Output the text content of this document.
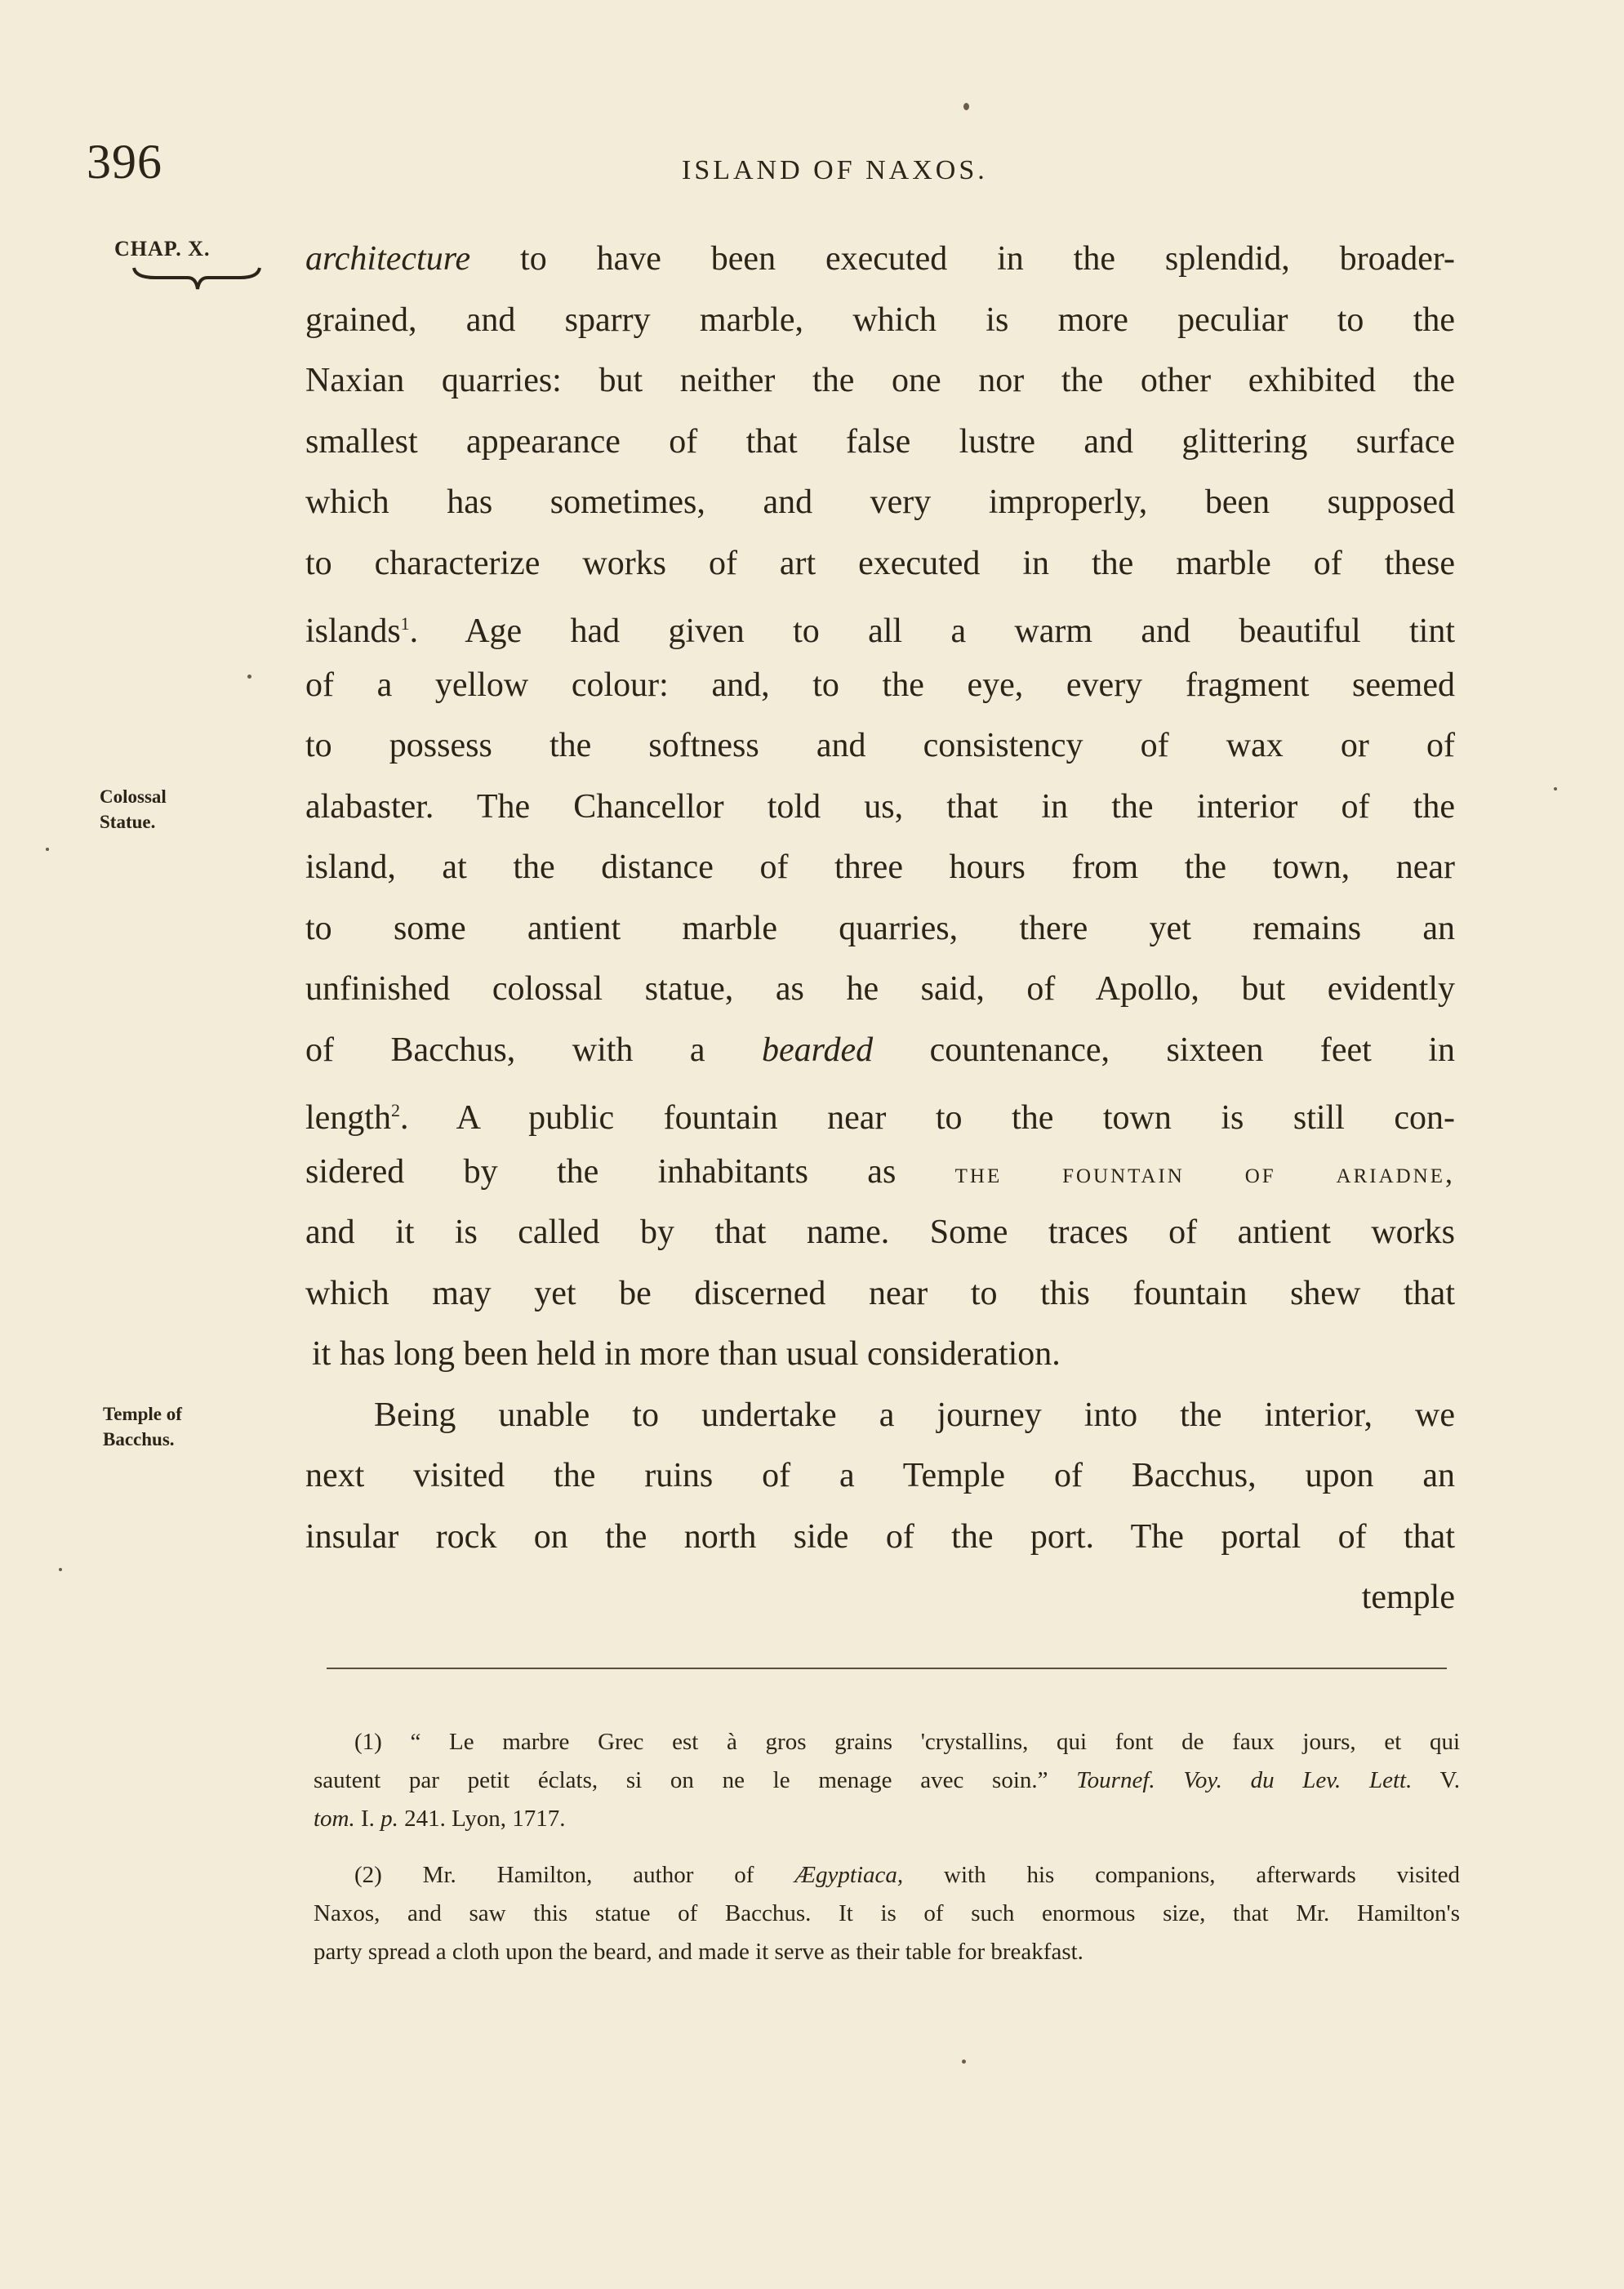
396	ISLAND OF NAXOS.
CHAP. X.
Colossal
Statue.
Temple of
Bacchus.
architecture to have been executed in the splendid, broader-
grained, and sparry marble, which is more peculiar to the
Naxian quarries: but neither the one nor the other exhibited the
smallest appearance of that false lustre and glittering surface
which has sometimes, and very improperly, been supposed
to characterize works of art executed in the marble of these
islands$^1$. Age had given to all a warm and beautiful tint
of a yellow colour: and, to the eye, every fragment seemed
to possess the softness and consistency of wax or of
alabaster. The Chancellor told us, that in the interior of the
island, at the distance of three hours from the town, near
to some antient marble quarries, there yet remains an
unfinished colossal statue, as he said, of Apollo, but evidently
of Bacchus, with a bearded countenance, sixteen feet in
length$^2$. A public fountain near to the town is still con-
sidered by the inhabitants as the fountain of ariadne,
and it is called by that name. Some traces of antient works
which may yet be discerned near to this fountain shew that
it has long been held in more than usual consideration.
Being unable to undertake a journey into the interior, we
next visited the ruins of a Temple of Bacchus, upon an
insular rock on the north side of the port. The portal of that
temple
(1) “ Le marbre Grec est à gros grains 'crystallins, qui font de faux jours, et qui
sautent par petit éclats, si on ne le menage avec soin.” Tournef. Voy. du Lev. Lett. V.
tom. I. p. 241. Lyon, 1717.
(2) Mr. Hamilton, author of Ægyptiaca, with his companions, afterwards visited
Naxos, and saw this statue of Bacchus. It is of such enormous size, that Mr. Hamilton's
party spread a cloth upon the beard, and made it serve as their table for breakfast.
